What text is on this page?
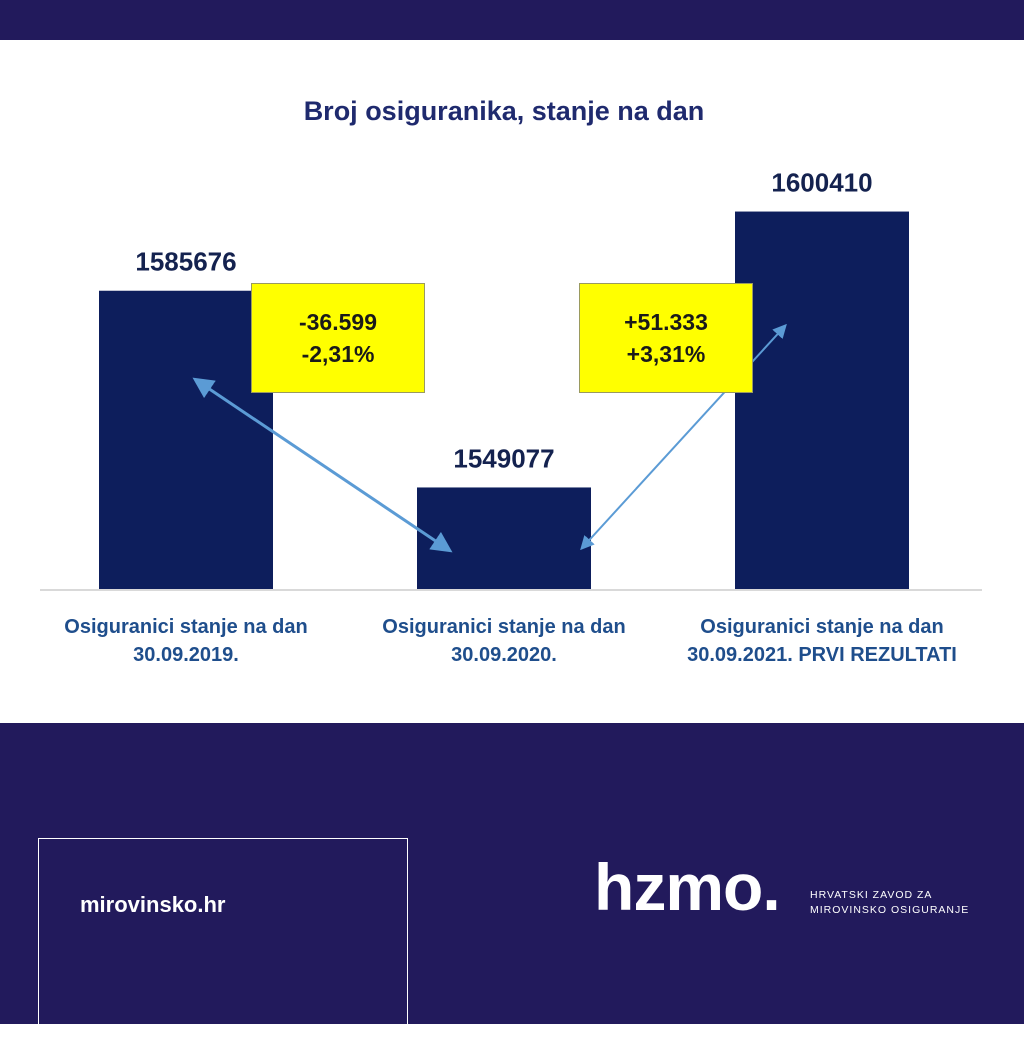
Broj osiguranika, stanje na dan
1585676
1549077
1600410
Osiguranici stanje na dan
30.09.2019.
Osiguranici stanje na dan
30.09.2020.
Osiguranici stanje na dan
30.09.2021. PRVI REZULTATI
-36.599
-2,31%
+51.333
+3,31%
mirovinsko.hr	hzmo.	HRVATSKI ZAVOD ZA
MIROVINSKO OSIGURANJE
